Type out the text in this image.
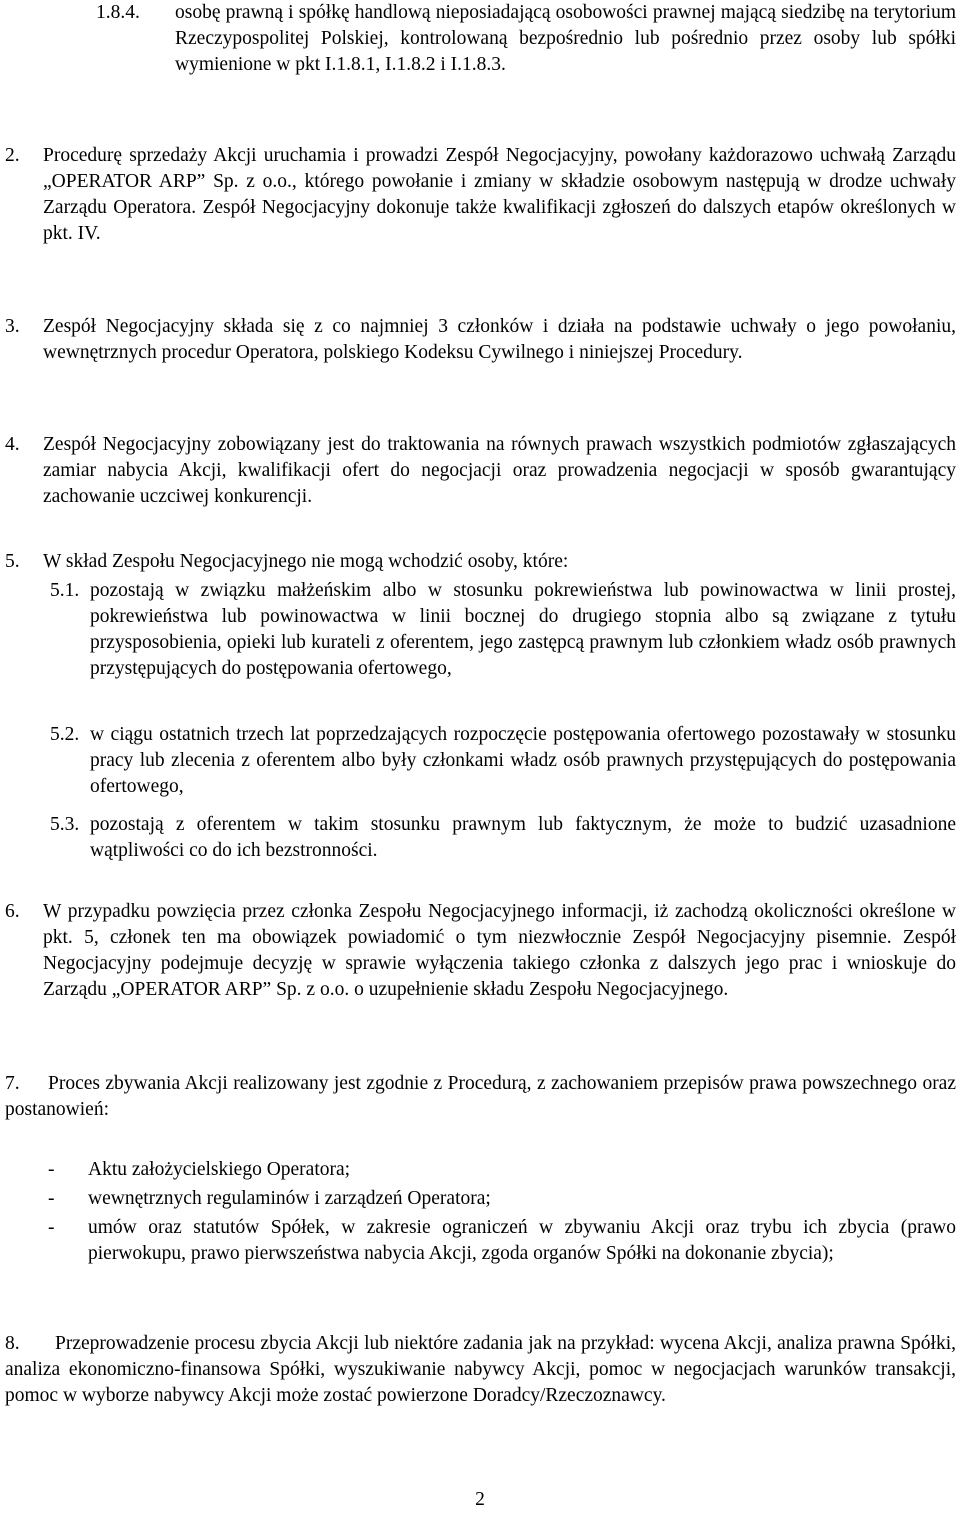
1.8.4. osobę prawną i spółkę handlową nieposiadającą osobowości prawnej mającą siedzibę na terytorium Rzeczypospolitej Polskiej, kontrolowaną bezpośrednio lub pośrednio przez osoby lub spółki wymienione w pkt I.1.8.1, I.1.8.2 i I.1.8.3.
2. Procedurę sprzedaży Akcji uruchamia i prowadzi Zespół Negocjacyjny, powołany każdorazowo uchwałą Zarządu „OPERATOR ARP” Sp. z o.o., którego powołanie i zmiany w składzie osobowym następują w drodze uchwały Zarządu Operatora. Zespół Negocjacyjny dokonuje także kwalifikacji zgłoszeń do dalszych etapów określonych w pkt. IV.
3. Zespół Negocjacyjny składa się z co najmniej 3 członków i działa na podstawie uchwały o jego powołaniu, wewnętrznych procedur Operatora, polskiego Kodeksu Cywilnego i niniejszej Procedury.
4. Zespół Negocjacyjny zobowiązany jest do traktowania na równych prawach wszystkich podmiotów zgłaszających zamiar nabycia Akcji, kwalifikacji ofert do negocjacji oraz prowadzenia negocjacji w sposób gwarantujący zachowanie uczciwej konkurencji.
5. W skład Zespołu Negocjacyjnego nie mogą wchodzić osoby, które:
5.1. pozostają w związku małżeńskim albo w stosunku pokrewieństwa lub powinowactwa w linii prostej, pokrewieństwa lub powinowactwa w linii bocznej do drugiego stopnia albo są związane z tytułu przysposobienia, opieki lub kurateli z oferentem, jego zastępcą prawnym lub członkiem władz osób prawnych przystępujących do postępowania ofertowego,
5.2. w ciągu ostatnich trzech lat poprzedzających rozpoczęcie postępowania ofertowego pozostawały w stosunku pracy lub zlecenia z oferentem albo były członkami władz osób prawnych przystępujących do postępowania ofertowego,
5.3. pozostają z oferentem w takim stosunku prawnym lub faktycznym, że może to budzić uzasadnione wątpliwości co do ich bezstronności.
6. W przypadku powzięcia przez członka Zespołu Negocjacyjnego informacji, iż zachodzą okoliczności określone w pkt. 5, członek ten ma obowiązek powiadomić o tym niezwłocznie Zespół Negocjacyjny pisemnie. Zespół Negocjacyjny podejmuje decyzję w sprawie wyłączenia takiego członka z dalszych jego prac i wnioskuje do Zarządu „OPERATOR ARP” Sp. z o.o. o uzupełnienie składu Zespołu Negocjacyjnego.
7.	Proces zbywania Akcji realizowany jest zgodnie z Procedurą, z zachowaniem przepisów prawa powszechnego oraz postanowień:
- Aktu założycielskiego Operatora;
- wewnętrznych regulaminów i zarządzeń Operatora;
- umów oraz statutów Spółek, w zakresie ograniczeń w zbywaniu Akcji oraz trybu ich zbycia (prawo pierwokupu, prawo pierwszeństwa nabycia Akcji, zgoda organów Spółki na dokonanie zbycia);
8.	Przeprowadzenie procesu zbycia Akcji lub niektóre zadania jak na przykład: wycena Akcji, analiza prawna Spółki, analiza ekonomiczno-finansowa Spółki, wyszukiwanie nabywcy Akcji, pomoc w negocjacjach warunków transakcji, pomoc w wyborze nabywcy Akcji może zostać powierzone Doradcy/Rzeczoznawcy.
2
